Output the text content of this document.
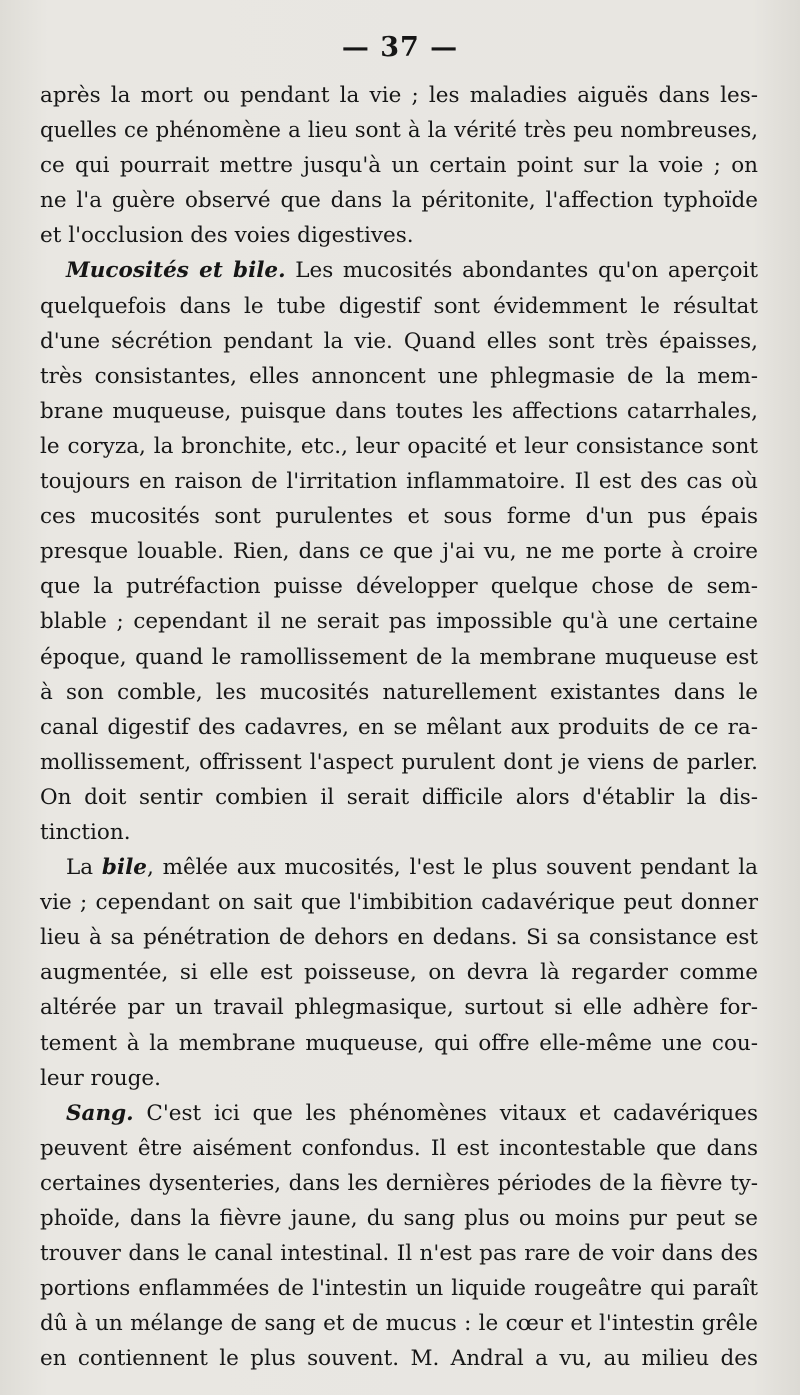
— 37 —
après la mort ou pendant la vie ; les maladies aiguës dans les-
quelles ce phénomène a lieu sont à la vérité très peu nombreuses,
ce qui pourrait mettre jusqu'à un certain point sur la voie ; on
ne l'a guère observé que dans la péritonite, l'affection typhoïde
et l'occlusion des voies digestives.
Mucosités et bile. Les mucosités abondantes qu'on aperçoit
quelquefois dans le tube digestif sont évidemment le résultat
d'une sécrétion pendant la vie. Quand elles sont très épaisses,
très consistantes, elles annoncent une phlegmasie de la mem-
brane muqueuse, puisque dans toutes les affections catarrhales,
le coryza, la bronchite, etc., leur opacité et leur consistance sont
toujours en raison de l'irritation inflammatoire. Il est des cas où
ces mucosités sont purulentes et sous forme d'un pus épais
presque louable. Rien, dans ce que j'ai vu, ne me porte à croire
que la putréfaction puisse développer quelque chose de sem-
blable ; cependant il ne serait pas impossible qu'à une certaine
époque, quand le ramollissement de la membrane muqueuse est
à son comble, les mucosités naturellement existantes dans le
canal digestif des cadavres, en se mêlant aux produits de ce ra-
mollissement, offrissent l'aspect purulent dont je viens de parler.
On doit sentir combien il serait difficile alors d'établir la dis-
tinction.
La bile, mêlée aux mucosités, l'est le plus souvent pendant la
vie ; cependant on sait que l'imbibition cadavérique peut donner
lieu à sa pénétration de dehors en dedans. Si sa consistance est
augmentée, si elle est poisseuse, on devra là regarder comme
altérée par un travail phlegmasique, surtout si elle adhère for-
tement à la membrane muqueuse, qui offre elle-même une cou-
leur rouge.
Sang. C'est ici que les phénomènes vitaux et cadavériques
peuvent être aisément confondus. Il est incontestable que dans
certaines dysenteries, dans les dernières périodes de la fièvre ty-
phoïde, dans la fièvre jaune, du sang plus ou moins pur peut se
trouver dans le canal intestinal. Il n'est pas rare de voir dans des
portions enflammées de l'intestin un liquide rougeâtre qui paraît
dû à un mélange de sang et de mucus : le cœur et l'intestin grêle
en contiennent le plus souvent. M. Andral a vu, au milieu des
